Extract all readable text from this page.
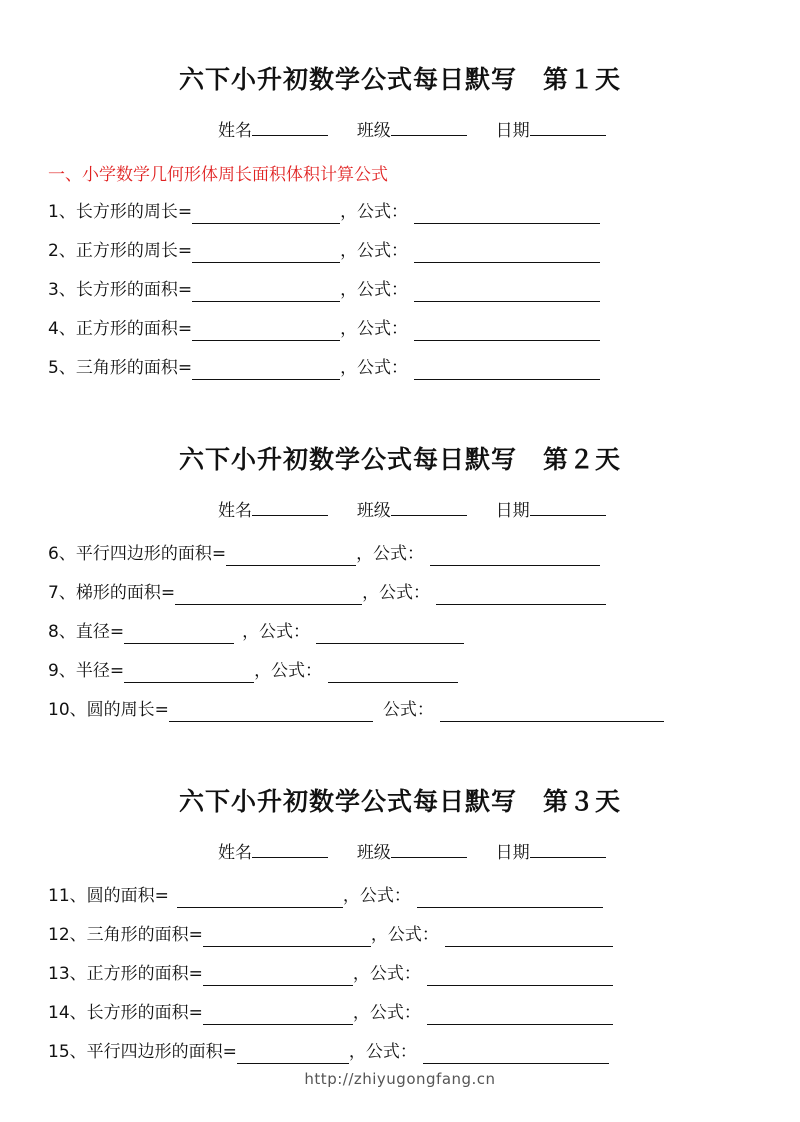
六下小升初数学公式每日默写　第１天
姓名	班级	日期
一、小学数学几何形体周长面积体积计算公式
1、长方形的周长=	，公式：
2、正方形的周长=	，公式：
3、长方形的面积=	，公式：
4、正方形的面积=	，公式：
5、三角形的面积=	，公式：
六下小升初数学公式每日默写　第２天
姓名	班级	日期
6、平行四边形的面积=	，公式：
7、梯形的面积=	，公式：
8、直径=	，公式：
9、半径=	，公式：
10、圆的周长=	公式：
六下小升初数学公式每日默写　第３天
姓名	班级	日期
11、圆的面积=	，公式：
12、三角形的面积=	，公式：
13、正方形的面积=	，公式：
14、长方形的面积=	，公式：
15、平行四边形的面积=	，公式：
http://zhiyugongfang.cn
